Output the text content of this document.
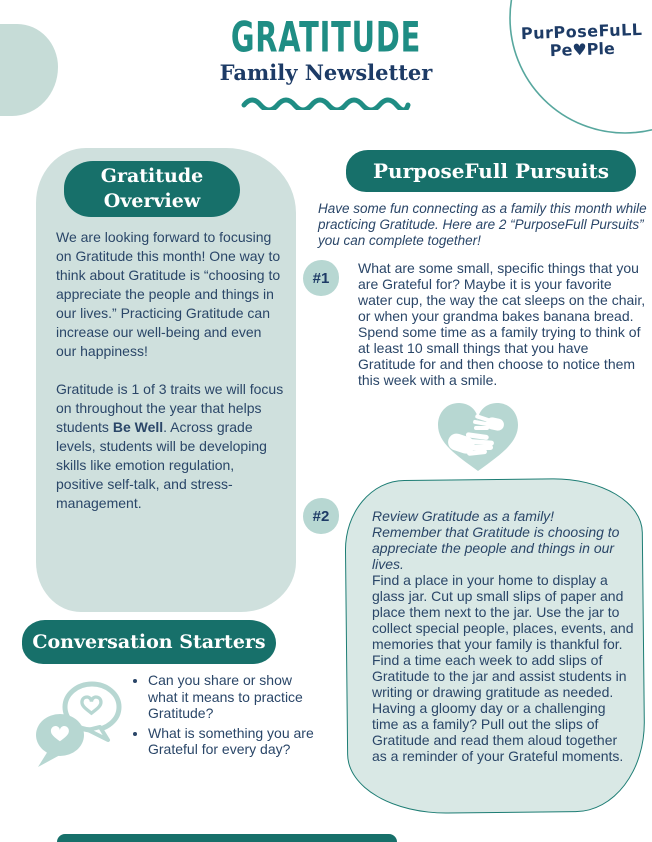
GRATITUDE
Family Newsletter
PurPoseFuLL
Pe♥Ple
Gratitude Overview

We are looking forward to focusing on Gratitude this month! One way to think about Gratitude is “choosing to appreciate the people and things in our lives.” Practicing Gratitude can increase our well-being and even our happiness!

Gratitude is 1 of 3 traits we will focus on throughout the year that helps students Be Well. Across grade levels, students will be developing skills like emotion regulation, positive self-talk, and stress-management.

Conversation Starters
• Can you share or show what it means to practice Gratitude?
• What is something you are Grateful for every day?
PurposeFull Pursuits
Have some fun connecting as a family this month while practicing Gratitude. Here are 2 “PurposeFull Pursuits” you can complete together!
#1
What are some small, specific things that you are Grateful for? Maybe it is your favorite water cup, the way the cat sleeps on the chair, or when your grandma bakes banana bread. Spend some time as a family trying to think of at least 10 small things that you have Gratitude for and then choose to notice them this week with a smile.
#2	Review Gratitude as a family!
Remember that Gratitude is choosing to appreciate the people and things in our lives.
Find a place in your home to display a glass jar. Cut up small slips of paper and place them next to the jar. Use the jar to collect special people, places, events, and memories that your family is thankful for. Find a time each week to add slips of Gratitude to the jar and assist students in writing or drawing gratitude as needed. Having a gloomy day or a challenging time as a family? Pull out the slips of Gratitude and read them aloud together as a reminder of your Grateful moments.
